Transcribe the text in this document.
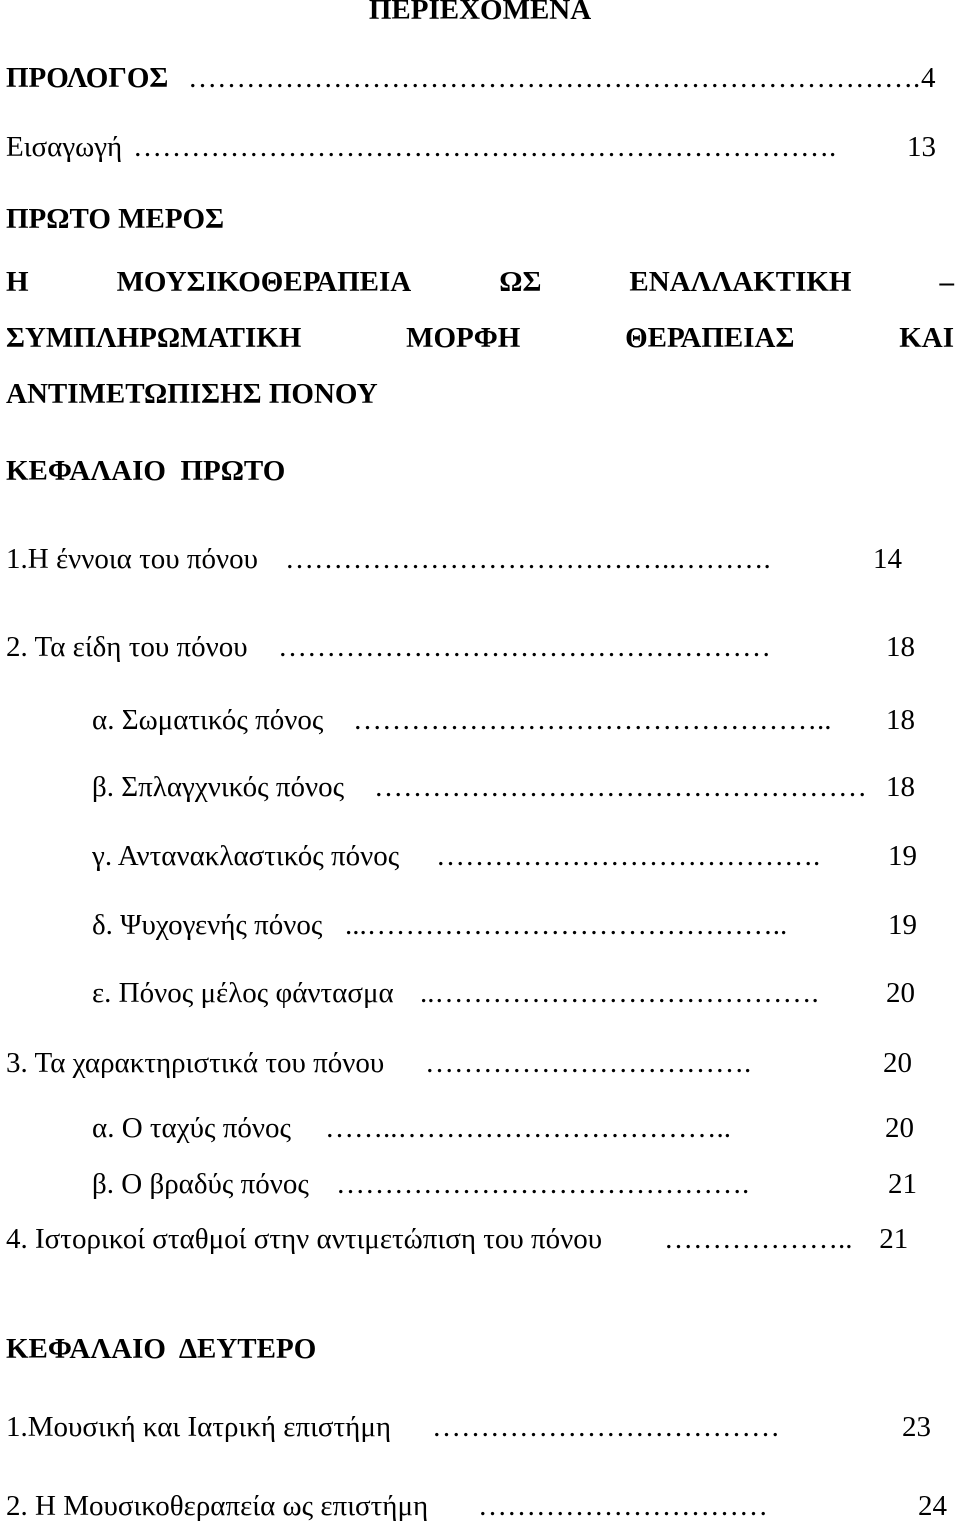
ΠΕΡΙΕΧΟΜΕΝΑ
ΠΡΟΛΟΓΟΣ …………………………………………………………………. 4
Εισαγωγή ……………………………………………………………….	13
ΠΡΩΤΟ ΜΕΡΟΣ
Η	ΜΟΥΣΙΚΟΘΕΡΑΠΕΙΑ	ΩΣ	ΕΝΑΛΛΑΚΤΙΚΗ	–
ΣΥΜΠΛΗΡΩΜΑΤΙΚΗ	ΜΟΡΦΗ	ΘΕΡΑΠΕΙΑΣ	ΚΑΙ
ΑΝΤΙΜΕΤΩΠΙΣΗΣ ΠΟΝΟΥ
ΚΕΦΑΛΑΙΟ  ΠΡΩΤΟ
1.Η έννοια του πόνου …………………………………..……….	14
2. Τα είδη του πόνου ……………………………………………	18
α. Σωματικός πόνος …………………………………………..	18
β. Σπλαγχνικός πόνος …………………………………………… 18
γ. Αντανακλαστικός πόνος ………………………………….	19
δ. Ψυχογενής πόνος ...……………………………………..	19
ε. Πόνος μέλος φάντασμα ..………………………………….	20
3. Τα χαρακτηριστικά του πόνου …………………………….	20
α. Ο ταχύς πόνος ……..……………………………..	20
β. Ο βραδύς πόνος …………………………………….	21
4. Ιστορικοί σταθμοί στην αντιμετώπιση του πόνου ……………….. 21
ΚΕΦΑΛΑΙΟ  ΔΕΥΤΕΡΟ
1.Μουσική και Ιατρική επιστήμη ………………………………	23
2. Η Μουσικοθεραπεία ως επιστήμη …………………………	24
